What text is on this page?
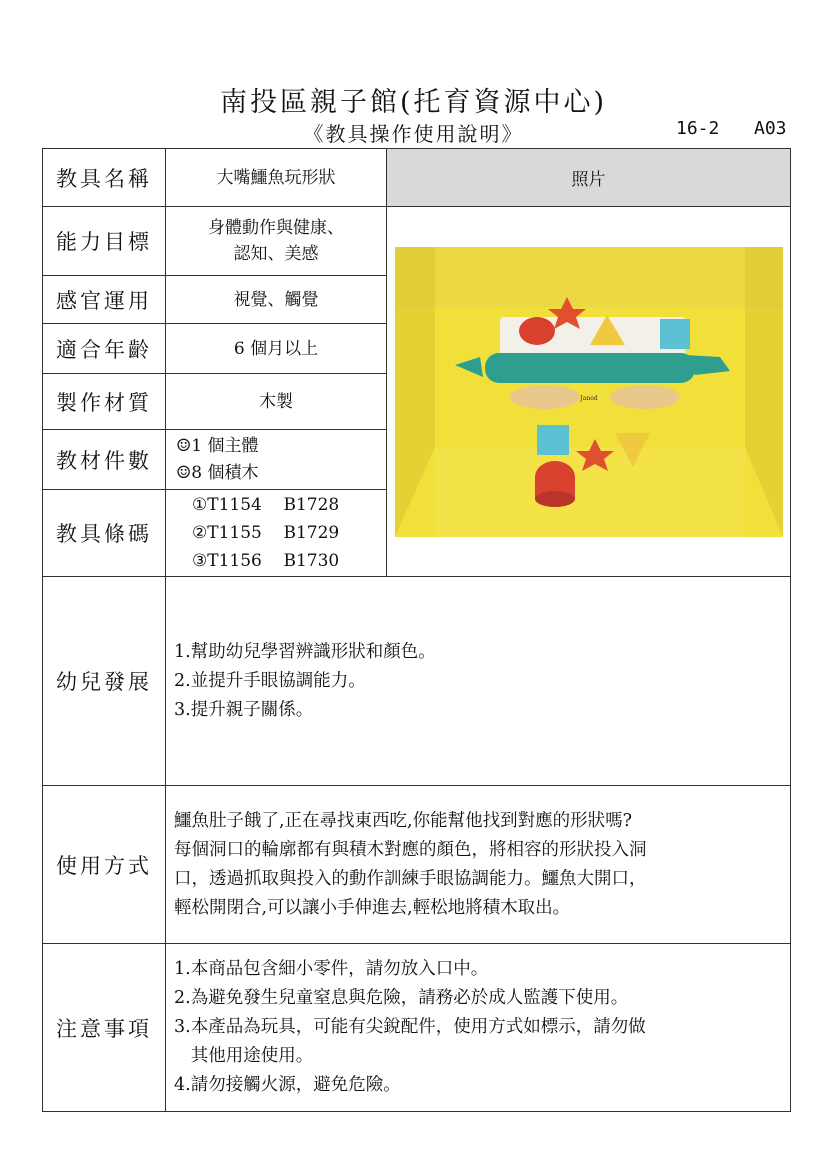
南投區親子館(托育資源中心)
《教具操作使用說明》	16-2 A03
教具名稱	大嘴鱷魚玩形狀	照片
能力目標	身體動作與健康、
認知、美感	Janod

感官運用	視覺、觸覺	
適合年齡	6 個月以上	
製作材質	木製	
教材件數	☺1 個主體
☺8 個積木	

教具條碼	①T1154    B1728
②T1155    B1729
③T1156    B1730	

幼兒發展	1.幫助幼兒學習辨識形狀和顏色。
2.並提升手眼協調能力。
3.提升親子關係。	

使用方式	鱷魚肚子餓了,正在尋找東西吃,你能幫他找到對應的形狀嗎?
每個洞口的輪廓都有與積木對應的顏色，將相容的形狀投入洞
口，透過抓取與投入的動作訓練手眼協調能力。鱷魚大開口，
輕松開閉合,可以讓小手伸進去,輕松地將積木取出。	

注意事項	1.本商品包含細小零件，請勿放入口中。
2.為避免發生兒童窒息與危險，請務必於成人監護下使用。
3.本產品為玩具，可能有尖銳配件，使用方式如標示，請勿做
其他用途使用。
4.請勿接觸火源，避免危險。	
